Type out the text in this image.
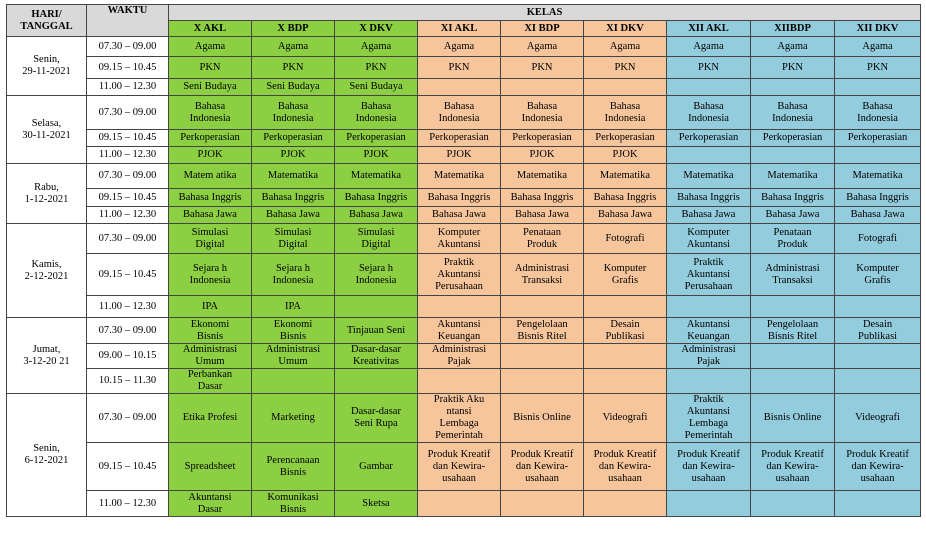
HARI/
TANGGAL	WAKTU	KELAS								
		X AKL	X BDP	X DKV	XI AKL	XI BDP	XI DKV	XII AKL	XIIBDP	XII DKV
Senin,
29-11-2021	07.30 – 09.00	Agama	Agama	Agama	Agama	Agama	Agama	Agama	Agama	Agama
	09.15 – 10.45	PKN	PKN	PKN	PKN	PKN	PKN	PKN	PKN	PKN
	11.00 – 12.30	Seni Budaya	Seni Budaya	Seni Budaya						
Selasa,
30-11-2021	07.30 – 09.00	Bahasa
Indonesia	Bahasa
Indonesia	Bahasa
Indonesia	Bahasa
Indonesia	Bahasa
Indonesia	Bahasa
Indonesia	Bahasa
Indonesia	Bahasa
Indonesia	Bahasa
Indonesia
	09.15 – 10.45	Perkoperasian	Perkoperasian	Perkoperasian	Perkoperasian	Perkoperasian	Perkoperasian	Perkoperasian	Perkoperasian	Perkoperasian
	11.00 – 12.30	PJOK	PJOK	PJOK	PJOK	PJOK	PJOK			
Rabu,
1-12-2021	07.30 – 09.00	Matem atika	Matematika	Matematika	Matematika	Matematika	Matematika	Matematika	Matematika	Matematika
	09.15 – 10.45	Bahasa Inggris	Bahasa Inggris	Bahasa Inggris	Bahasa Inggris	Bahasa Inggris	Bahasa Inggris	Bahasa Inggris	Bahasa Inggris	Bahasa Inggris
	11.00 – 12.30	Bahasa Jawa	Bahasa Jawa	Bahasa Jawa	Bahasa Jawa	Bahasa Jawa	Bahasa Jawa	Bahasa Jawa	Bahasa Jawa	Bahasa Jawa
Kamis,
2-12-2021	07.30 – 09.00	Simulasi
Digital	Simulasi
Digital	Simulasi
Digital	Komputer
Akuntansi	Penataan
Produk	Fotografi	Komputer
Akuntansi	Penataan
Produk	Fotografi
	09.15 – 10.45	Sejara h
Indonesia	Sejara h
Indonesia	Sejara h
Indonesia	Praktik
Akuntansi
Perusahaan	Administrasi
Transaksi	Komputer
Grafis	Praktik
Akuntansi
Perusahaan	Administrasi
Transaksi	Komputer
Grafis
	11.00 – 12.30	IPA	IPA							
Jumat,
3-12-20 21	07.30 – 09.00	Ekonomi
Bisnis	Ekonomi
Bisnis	Tinjauan Seni	Akuntansi
Keuangan	Pengelolaan
Bisnis Ritel	Desain
Publikasi	Akuntansi
Keuangan	Pengelolaan
Bisnis Ritel	Desain
Publikasi
	09.00 – 10.15	Administrasi
Umum	Administrasi
Umum	Dasar-dasar
Kreativitas	Administrasi
Pajak			Administrasi
Pajak		
	10.15 – 11.30	Perbankan
Dasar								
Senin,
6-12-2021	07.30 – 09.00	Etika Profesi	Marketing	Dasar-dasar
Seni Rupa	Praktik Aku
ntansi
Lembaga
Pemerintah	Bisnis Online	Videografi	Praktik
Akuntansi
Lembaga
Pemerintah	Bisnis Online	Videografi
	09.15 – 10.45	Spreadsheet	Perencanaan
Bisnis	Gambar	Produk Kreatif
dan Kewira-
usahaan	Produk Kreatif
dan Kewira-
usahaan	Produk Kreatif
dan Kewira-
usahaan	Produk Kreatif
dan Kewira-
usahaan	Produk Kreatif
dan Kewira-
usahaan	Produk Kreatif
dan Kewira-
usahaan
	11.00 – 12.30	Akuntansi
Dasar	Komunikasi
Bisnis	Sketsa						
